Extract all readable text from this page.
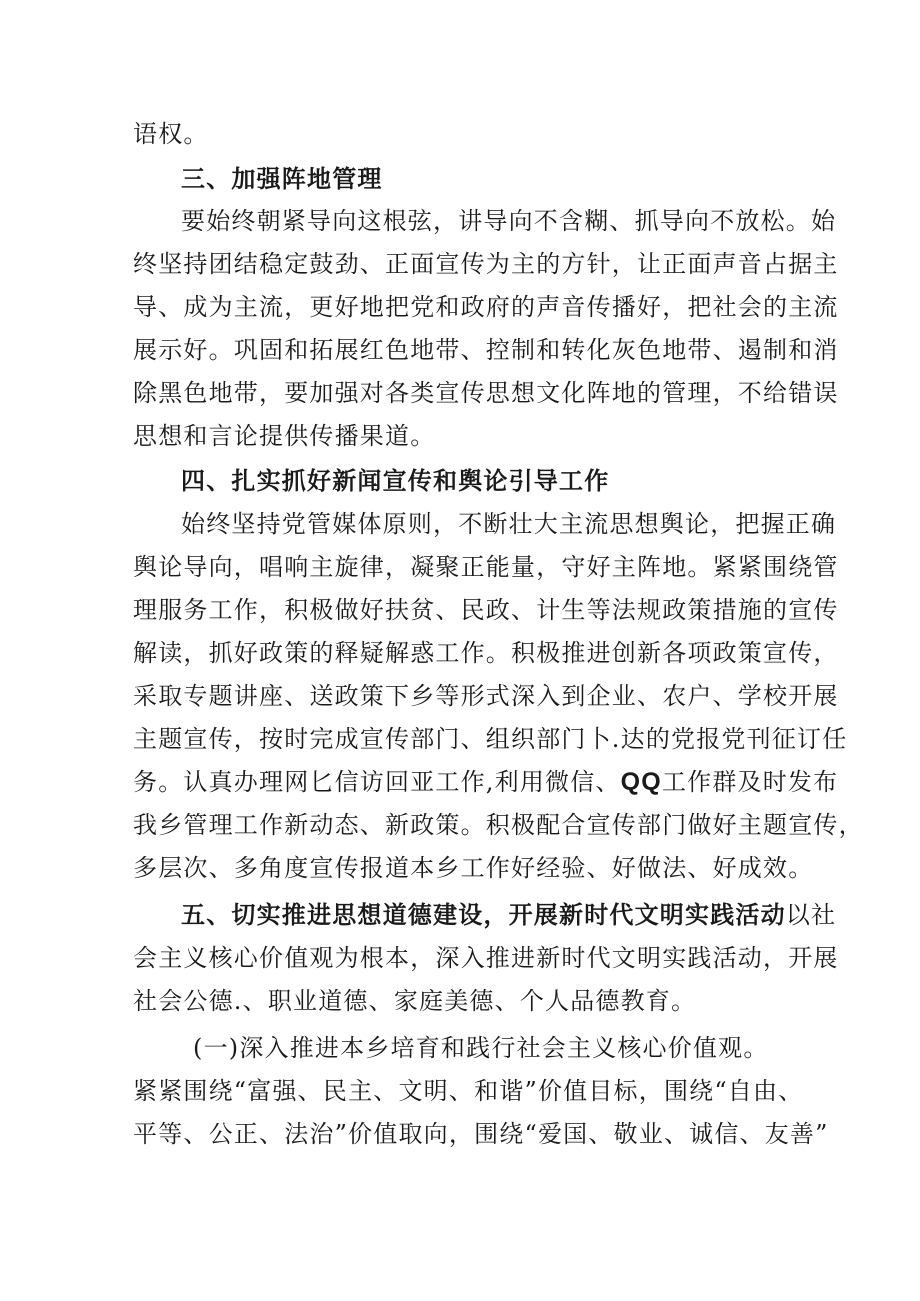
语权。
三、加强阵地管理
要始终朝紧导向这根弦，讲导向不含糊、抓导向不放松。始
终坚持团结稳定鼓劲、正面宣传为主的方针，让正面声音占据主
导、成为主流，更好地把党和政府的声音传播好，把社会的主流
展示好。巩固和拓展红色地带、控制和转化灰色地带、遏制和消
除黑色地带，要加强对各类宣传思想文化阵地的管理，不给错误
思想和言论提供传播果道。
四、扎实抓好新闻宣传和舆论引导工作
始终坚持党管媒体原则，不断壮大主流思想舆论，把握正确
舆论导向，唱响主旋律，凝聚正能量，守好主阵地。紧紧围绕管
理服务工作，积极做好扶贫、民政、计生等法规政策措施的宣传
解读，抓好政策的释疑解惑工作。积极推进创新各项政策宣传，
采取专题讲座、送政策下乡等形式深入到企业、农户、学校开展
主题宣传，按时完成宣传部门、组织部门卜.达的党报党刊征订任
务。认真办理网匕信访回亚工作,利用微信、QQ工作群及时发布
我乡管理工作新动态、新政策。积极配合宣传部门做好主题宣传，
多层次、多角度宣传报道本乡工作好经验、好做法、好成效。
五、切实推进思想道德建设，开展新时代文明实践活动以社
会主义核心价值观为根本，深入推进新时代文明实践活动，开展
社会公德.、职业道德、家庭美德、个人品德教育。
(一)深入推进本乡培育和践行社会主义核心价值观。
紧紧围绕“富强、民主、文明、和谐”价值目标，围绕“自由、
平等、公正、法治”价值取向，围绕“爱国、敬业、诚信、友善”
